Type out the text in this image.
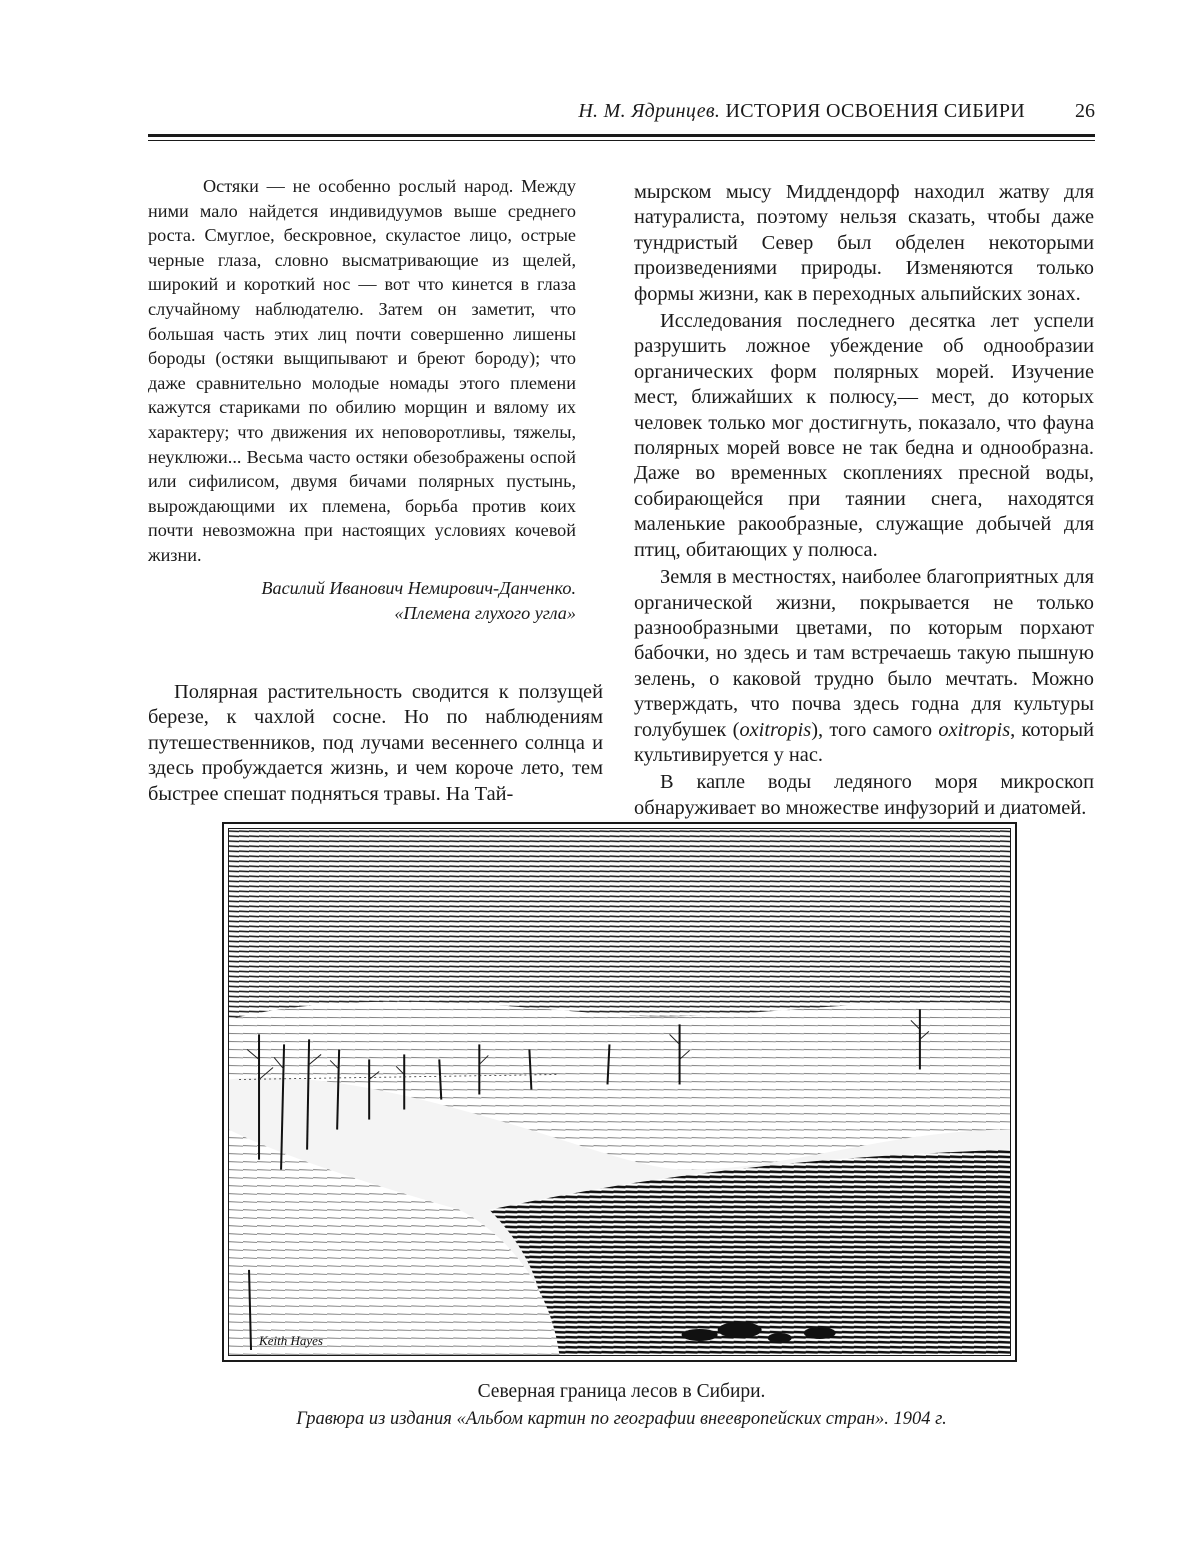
Н. М. Ядринцев. ИСТОРИЯ ОСВОЕНИЯ СИБИРИ	26

Остяки — не особенно рослый народ. Между ними мало найдется индивидуумов выше среднего роста. Смуглое, бескровное, скуластое лицо, острые черные глаза, словно высматривающие из щелей, широкий и короткий нос — вот что кинется в глаза случайному наблюдателю. Затем он заметит, что большая часть этих лиц почти совершенно лишены бороды (остяки выщипывают и бреют бороду); что даже сравнительно молодые номады этого племени кажутся стариками по обилию морщин и вялому их характеру; что движения их неповоротливы, тяжелы, неуклюжи... Весьма часто остяки обезображены оспой или сифилисом, двумя бичами полярных пустынь, вырождающими их племена, борьба против коих почти невозможна при настоящих условиях кочевой жизни.

Василий Иванович Немирович-Данченко.
«Племена глухого угла»

Полярная растительность сводится к ползущей березе, к чахлой сосне. Но по наблюдениям путешественников, под лучами весеннего солнца и здесь пробуждается жизнь, и чем короче лето, тем быстрее спешат подняться травы. На Тай-

мырском мысу Миддендорф находил жатву для натуралиста, поэтому нельзя сказать, чтобы даже тундристый Север был обделен некоторыми произведениями природы. Изменяются только формы жизни, как в переходных альпийских зонах.

Исследования последнего десятка лет успели разрушить ложное убеждение об однообразии органических форм полярных морей. Изучение мест, ближайших к полюсу,— мест, до которых человек только мог достигнуть, показало, что фауна полярных морей вовсе не так бедна и однообразна. Даже во временных скоплениях пресной воды, собирающейся при таянии снега, находятся маленькие ракообразные, служащие добычей для птиц, обитающих у полюса.

Земля в местностях, наиболее благоприятных для органической жизни, покрывается не только разнообразными цветами, по которым порхают бабочки, но здесь и там встречаешь такую пышную зелень, о каковой трудно было мечтать. Можно утверждать, что почва здесь годна для культуры голубушек (oxitropis), того самого oxitropis, который культивируется у нас.

В капле воды ледяного моря микроскоп обнаруживает во множестве инфузорий и диатомей.

Keith Hayes
Северная граница лесов в Сибири.
Гравюра из издания «Альбом картин по географии внеевропейских стран». 1904 г.
